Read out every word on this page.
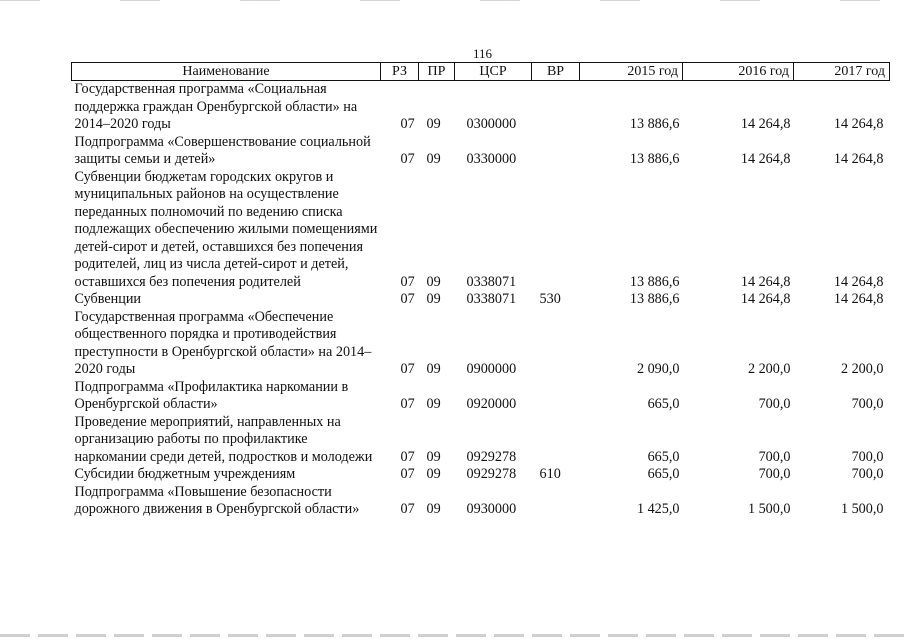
116
Наименование	РЗ	ПР	ЦСР	ВР	2015 год	2016 год	2017 год
Государственная программа «Социальная поддержка граждан Оренбургской области» на 2014–2020 годы	07	09	0300000		13 886,6	14 264,8	14 264,8
Подпрограмма «Совершенствование социальной защиты семьи и детей»	07	09	0330000		13 886,6	14 264,8	14 264,8
Субвенции бюджетам городских округов и муниципальных районов на осуществление переданных полномочий по ведению списка подлежащих обеспечению жилыми помещениями детей-сирот и детей, оставшихся без попечения родителей, лиц из числа детей-сирот и детей, оставшихся без попечения родителей	07	09	0338071		13 886,6	14 264,8	14 264,8
Субвенции	07	09	0338071	530	13 886,6	14 264,8	14 264,8
Государственная программа «Обеспечение общественного порядка и противодействия преступности в Оренбургской области» на 2014–2020 годы	07	09	0900000		2 090,0	2 200,0	2 200,0
Подпрограмма «Профилактика наркомании в Оренбургской области»	07	09	0920000		665,0	700,0	700,0
Проведение мероприятий, направленных на организацию работы по профилактике наркомании среди детей, подростков и молодежи	07	09	0929278		665,0	700,0	700,0
Субсидии бюджетным учреждениям	07	09	0929278	610	665,0	700,0	700,0
Подпрограмма «Повышение безопасности дорожного движения в Оренбургской области»	07	09	0930000		1 425,0	1 500,0	1 500,0
